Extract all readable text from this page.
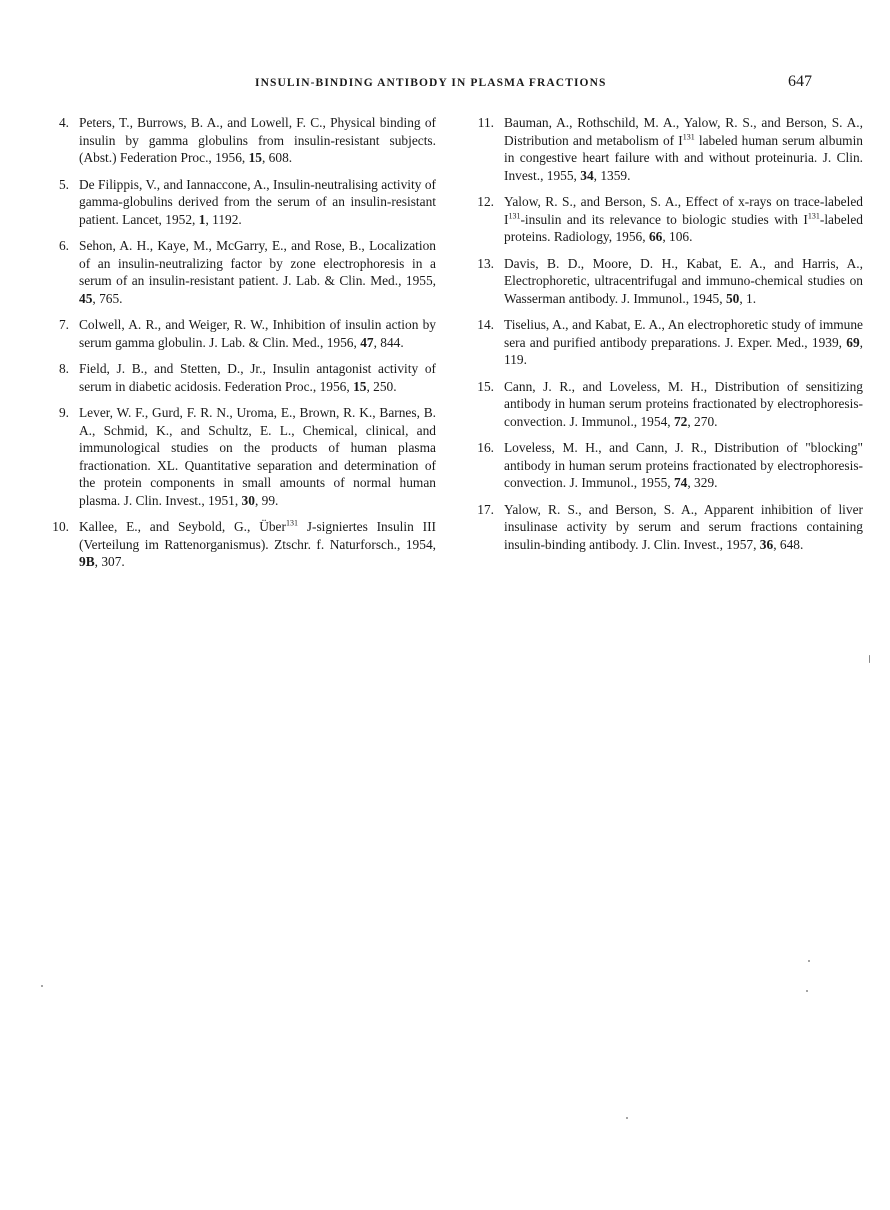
INSULIN-BINDING ANTIBODY IN PLASMA FRACTIONS	647
4. Peters, T., Burrows, B. A., and Lowell, F. C., Physical binding of insulin by gamma globulins from insulin-resistant subjects. (Abst.) Federation Proc., 1956, 15, 608.
5. De Filippis, V., and Iannaccone, A., Insulin-neutralising activity of gamma-globulins derived from the serum of an insulin-resistant patient. Lancet, 1952, 1, 1192.
6. Sehon, A. H., Kaye, M., McGarry, E., and Rose, B., Localization of an insulin-neutralizing factor by zone electrophoresis in a serum of an insulin-resistant patient. J. Lab. & Clin. Med., 1955, 45, 765.
7. Colwell, A. R., and Weiger, R. W., Inhibition of insulin action by serum gamma globulin. J. Lab. & Clin. Med., 1956, 47, 844.
8. Field, J. B., and Stetten, D., Jr., Insulin antagonist activity of serum in diabetic acidosis. Federation Proc., 1956, 15, 250.
9. Lever, W. F., Gurd, F. R. N., Uroma, E., Brown, R. K., Barnes, B. A., Schmid, K., and Schultz, E. L., Chemical, clinical, and immunological studies on the products of human plasma fractionation. XL. Quantitative separation and determination of the protein components in small amounts of normal human plasma. J. Clin. Invest., 1951, 30, 99.
10. Kallee, E., and Seybold, G., Über$^{131}$ J-signiertes Insulin III (Verteilung im Rattenorganismus). Ztschr. f. Naturforsch., 1954, 9B, 307.
11. Bauman, A., Rothschild, M. A., Yalow, R. S., and Berson, S. A., Distribution and metabolism of $I^{131}$ labeled human serum albumin in congestive heart failure with and without proteinuria. J. Clin. Invest., 1955, 34, 1359.
12. Yalow, R. S., and Berson, S. A., Effect of x-rays on trace-labeled $I^{131}$-insulin and its relevance to biologic studies with $I^{131}$-labeled proteins. Radiology, 1956, 66, 106.
13. Davis, B. D., Moore, D. H., Kabat, E. A., and Harris, A., Electrophoretic, ultracentrifugal and immuno-chemical studies on Wasserman antibody. J. Immunol., 1945, 50, 1.
14. Tiselius, A., and Kabat, E. A., An electrophoretic study of immune sera and purified antibody preparations. J. Exper. Med., 1939, 69, 119.
15. Cann, J. R., and Loveless, M. H., Distribution of sensitizing antibody in human serum proteins fractionated by electrophoresis-convection. J. Immunol., 1954, 72, 270.
16. Loveless, M. H., and Cann, J. R., Distribution of "blocking" antibody in human serum proteins fractionated by electrophoresis-convection. J. Immunol., 1955, 74, 329.
17. Yalow, R. S., and Berson, S. A., Apparent inhibition of liver insulinase activity by serum and serum fractions containing insulin-binding antibody. J. Clin. Invest., 1957, 36, 648.
